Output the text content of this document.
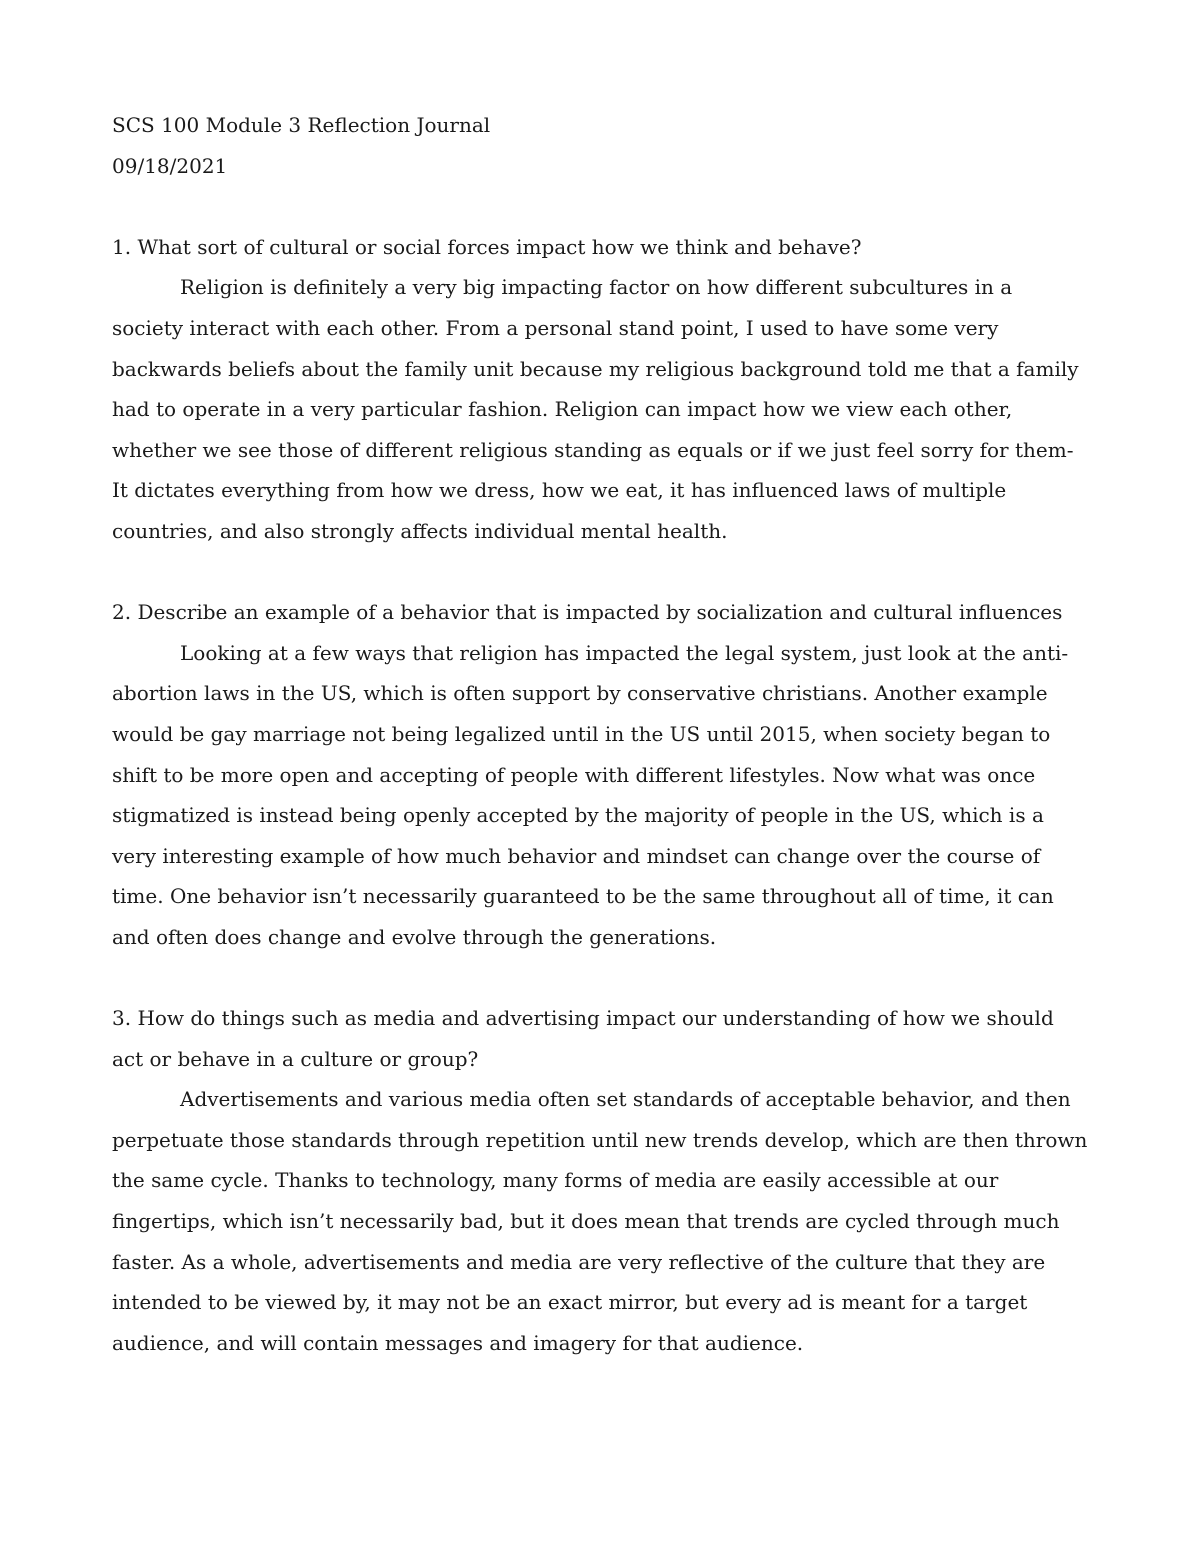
SCS 100 Module 3 Reflection Journal

09/18/2021

1. What sort of cultural or social forces impact how we think and behave?

Religion is definitely a very big impacting factor on how different subcultures in a society interact with each other. From a personal stand point, I used to have some very backwards beliefs about the family unit because my religious background told me that a family had to operate in a very particular fashion. Religion can impact how we view each other, whether we see those of different religious standing as equals or if we just feel sorry for them- It dictates everything from how we dress, how we eat, it has influenced laws of multiple countries, and also strongly affects individual mental health.

2. Describe an example of a behavior that is impacted by socialization and cultural influences

Looking at a few ways that religion has impacted the legal system, just look at the anti-abortion laws in the US, which is often support by conservative christians. Another example would be gay marriage not being legalized until in the US until 2015, when society began to shift to be more open and accepting of people with different lifestyles. Now what was once stigmatized is instead being openly accepted by the majority of people in the US, which is a very interesting example of how much behavior and mindset can change over the course of time. One behavior isn’t necessarily guaranteed to be the same throughout all of time, it can and often does change and evolve through the generations.

3. How do things such as media and advertising impact our understanding of how we should act or behave in a culture or group?

Advertisements and various media often set standards of acceptable behavior, and then perpetuate those standards through repetition until new trends develop, which are then thrown the same cycle. Thanks to technology, many forms of media are easily accessible at our fingertips, which isn’t necessarily bad, but it does mean that trends are cycled through much faster. As a whole, advertisements and media are very reflective of the culture that they are intended to be viewed by, it may not be an exact mirror, but every ad is meant for a target audience, and will contain messages and imagery for that audience.
